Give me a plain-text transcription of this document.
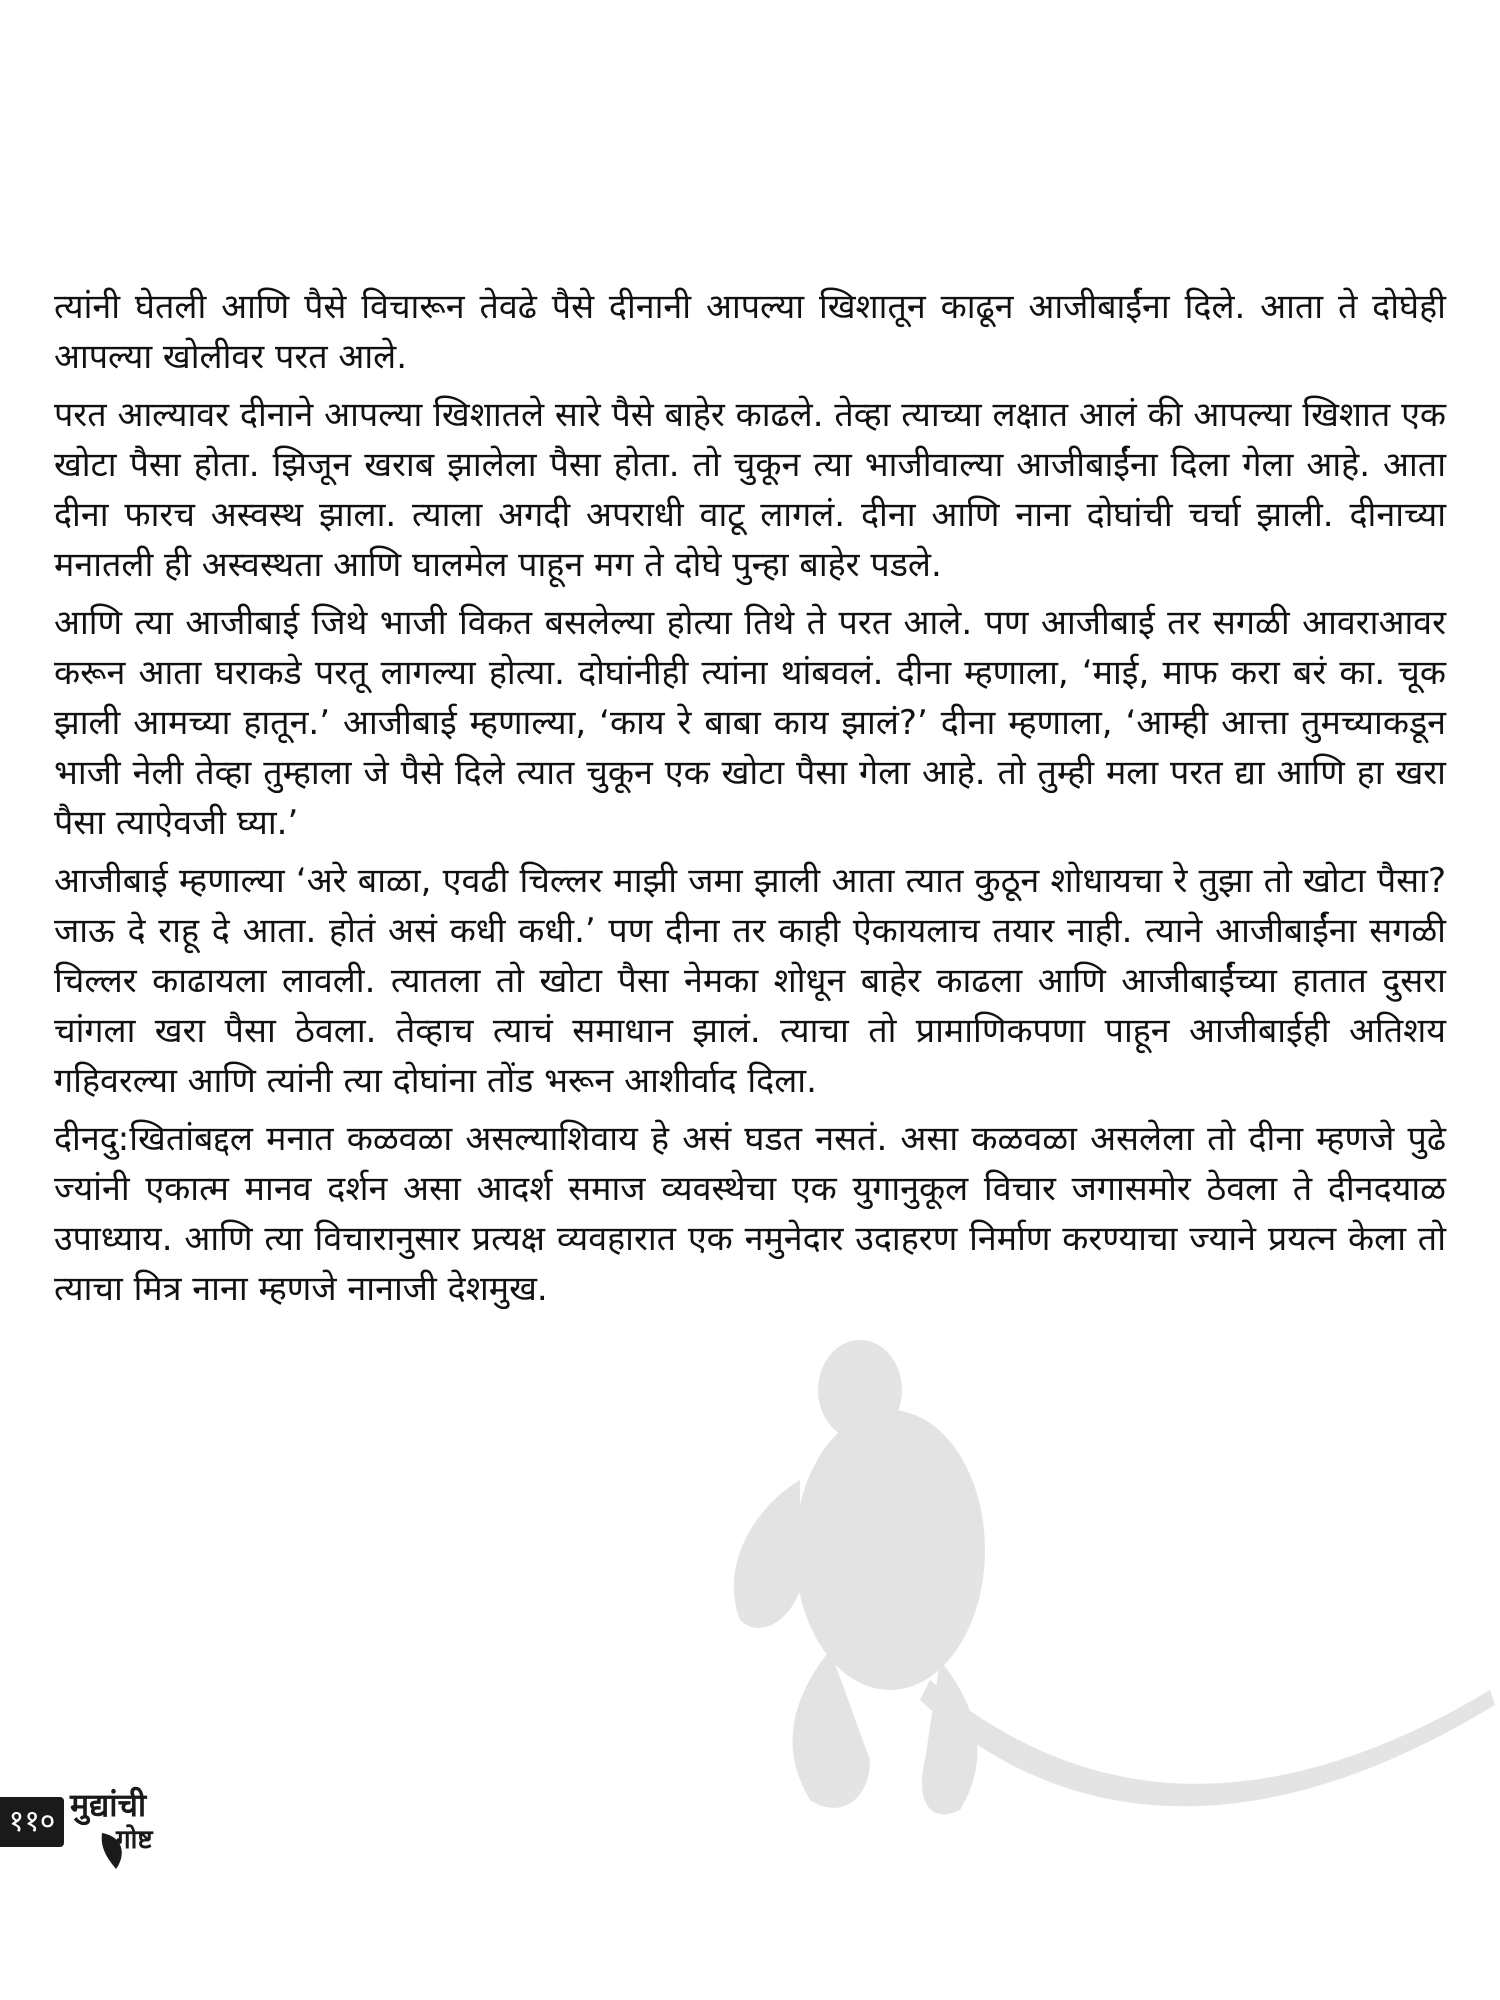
त्यांनी घेतली आणि पैसे विचारून तेवढे पैसे दीनानी आपल्या खिशातून काढून आजीबाईंना दिले. आता ते दोघेही आपल्या खोलीवर परत आले.

परत आल्यावर दीनाने आपल्या खिशातले सारे पैसे बाहेर काढले. तेव्हा त्याच्या लक्षात आलं की आपल्या खिशात एक खोटा पैसा होता. झिजून खराब झालेला पैसा होता. तो चुकून त्या भाजीवाल्या आजीबाईंना दिला गेला आहे. आता दीना फारच अस्वस्थ झाला. त्याला अगदी अपराधी वाटू लागलं. दीना आणि नाना दोघांची चर्चा झाली. दीनाच्या मनातली ही अस्वस्थता आणि घालमेल पाहून मग ते दोघे पुन्हा बाहेर पडले.

आणि त्या आजीबाई जिथे भाजी विकत बसलेल्या होत्या तिथे ते परत आले. पण आजीबाई तर सगळी आवराआवर करून आता घराकडे परतू लागल्या होत्या. दोघांनीही त्यांना थांबवलं. दीना म्हणाला, ‘माई, माफ करा बरं का. चूक झाली आमच्या हातून.’ आजीबाई म्हणाल्या, ‘काय रे बाबा काय झालं?’ दीना म्हणाला, ‘आम्ही आत्ता तुमच्याकडून भाजी नेली तेव्हा तुम्हाला जे पैसे दिले त्यात चुकून एक खोटा पैसा गेला आहे. तो तुम्ही मला परत द्या आणि हा खरा पैसा त्याऐवजी घ्या.’

आजीबाई म्हणाल्या ‘अरे बाळा, एवढी चिल्लर माझी जमा झाली आता त्यात कुठून शोधायचा रे तुझा तो खोटा पैसा? जाऊ दे राहू दे आता. होतं असं कधी कधी.’ पण दीना तर काही ऐकायलाच तयार नाही. त्याने आजीबाईंना सगळी चिल्लर काढायला लावली. त्यातला तो खोटा पैसा नेमका शोधून बाहेर काढला आणि आजीबाईंच्या हातात दुसरा चांगला खरा पैसा ठेवला. तेव्हाच त्याचं समाधान झालं. त्याचा तो प्रामाणिकपणा पाहून आजीबाईही अतिशय गहिवरल्या आणि त्यांनी त्या दोघांना तोंड भरून आशीर्वाद दिला.

दीनदु:खितांबद्दल मनात कळवळा असल्याशिवाय हे असं घडत नसतं. असा कळवळा असलेला तो दीना म्हणजे पुढे ज्यांनी एकात्म मानव दर्शन असा आदर्श समाज व्यवस्थेचा एक युगानुकूल विचार जगासमोर ठेवला ते दीनदयाळ उपाध्याय. आणि त्या विचारानुसार प्रत्यक्ष व्यवहारात एक नमुनेदार उदाहरण निर्माण करण्याचा ज्याने प्रयत्न केला तो त्याचा मित्र नाना म्हणजे नानाजी देशमुख.

११० मुद्यांची
गोष्ट
